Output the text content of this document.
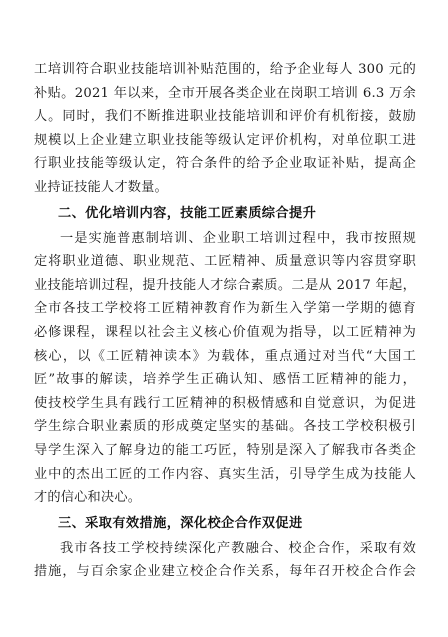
工培训符合职业技能培训补贴范围的，给予企业每人 300 元的
补贴。2021 年以来，全市开展各类企业在岗职工培训 6.3 万余
人。同时，我们不断推进职业技能培训和评价有机衔接，鼓励
规模以上企业建立职业技能等级认定评价机构，对单位职工进
行职业技能等级认定，符合条件的给予企业取证补贴，提高企
业持证技能人才数量。
二、优化培训内容，技能工匠素质综合提升
一是实施普惠制培训、企业职工培训过程中，我市按照规
定将职业道德、职业规范、工匠精神、质量意识等内容贯穿职
业技能培训过程，提升技能人才综合素质。二是从 2017 年起，
全市各技工学校将工匠精神教育作为新生入学第一学期的德育
必修课程，课程以社会主义核心价值观为指导，以工匠精神为
核心，以《工匠精神读本》为载体，重点通过对当代“大国工
匠”故事的解读，培养学生正确认知、感悟工匠精神的能力，
使技校学生具有践行工匠精神的积极情感和自觉意识，为促进
学生综合职业素质的形成奠定坚实的基础。各技工学校积极引
导学生深入了解身边的能工巧匠，特别是深入了解我市各类企
业中的杰出工匠的工作内容、真实生活，引导学生成为技能人
才的信心和决心。
三、采取有效措施，深化校企合作双促进
我市各技工学校持续深化产教融合、校企合作，采取有效
措施，与百余家企业建立校企合作关系，每年召开校企合作会
